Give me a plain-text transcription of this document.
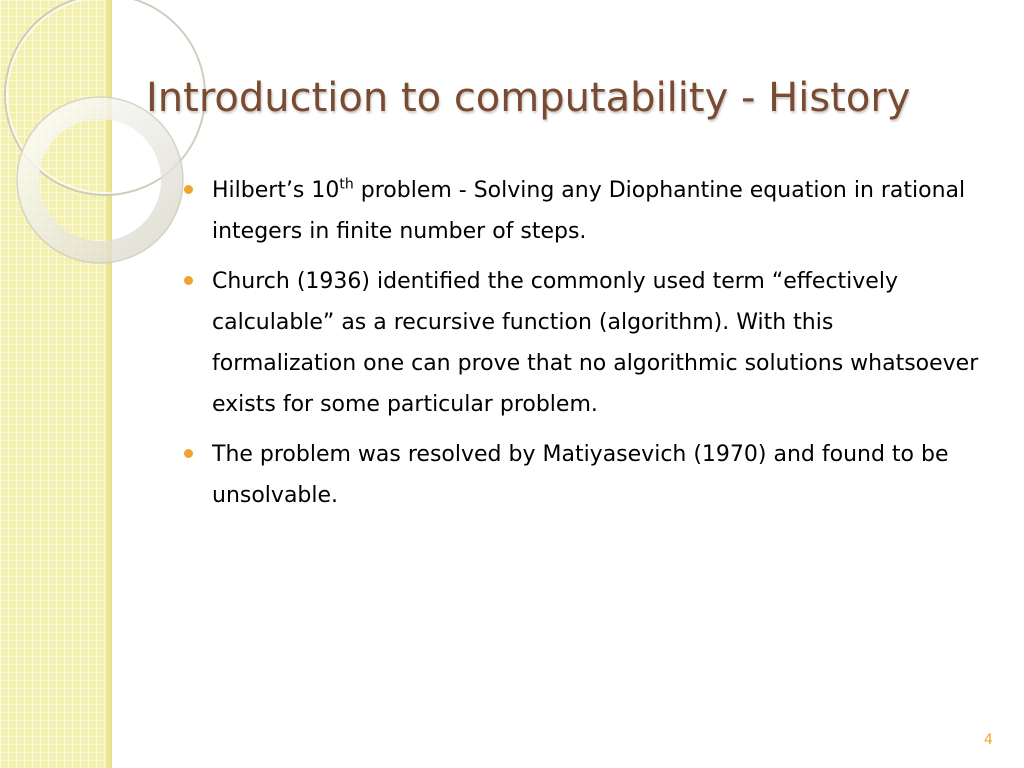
Introduction to computability - History
Hilbert’s 10th problem - Solving any Diophantine equation in rational integers in finite number of steps.
Church (1936) identified the commonly used term “effectively calculable” as a recursive function (algorithm). With this formalization one can prove that no algorithmic solutions whatsoever exists for some particular problem.
The problem was resolved by Matiyasevich (1970) and found to be unsolvable.
4
